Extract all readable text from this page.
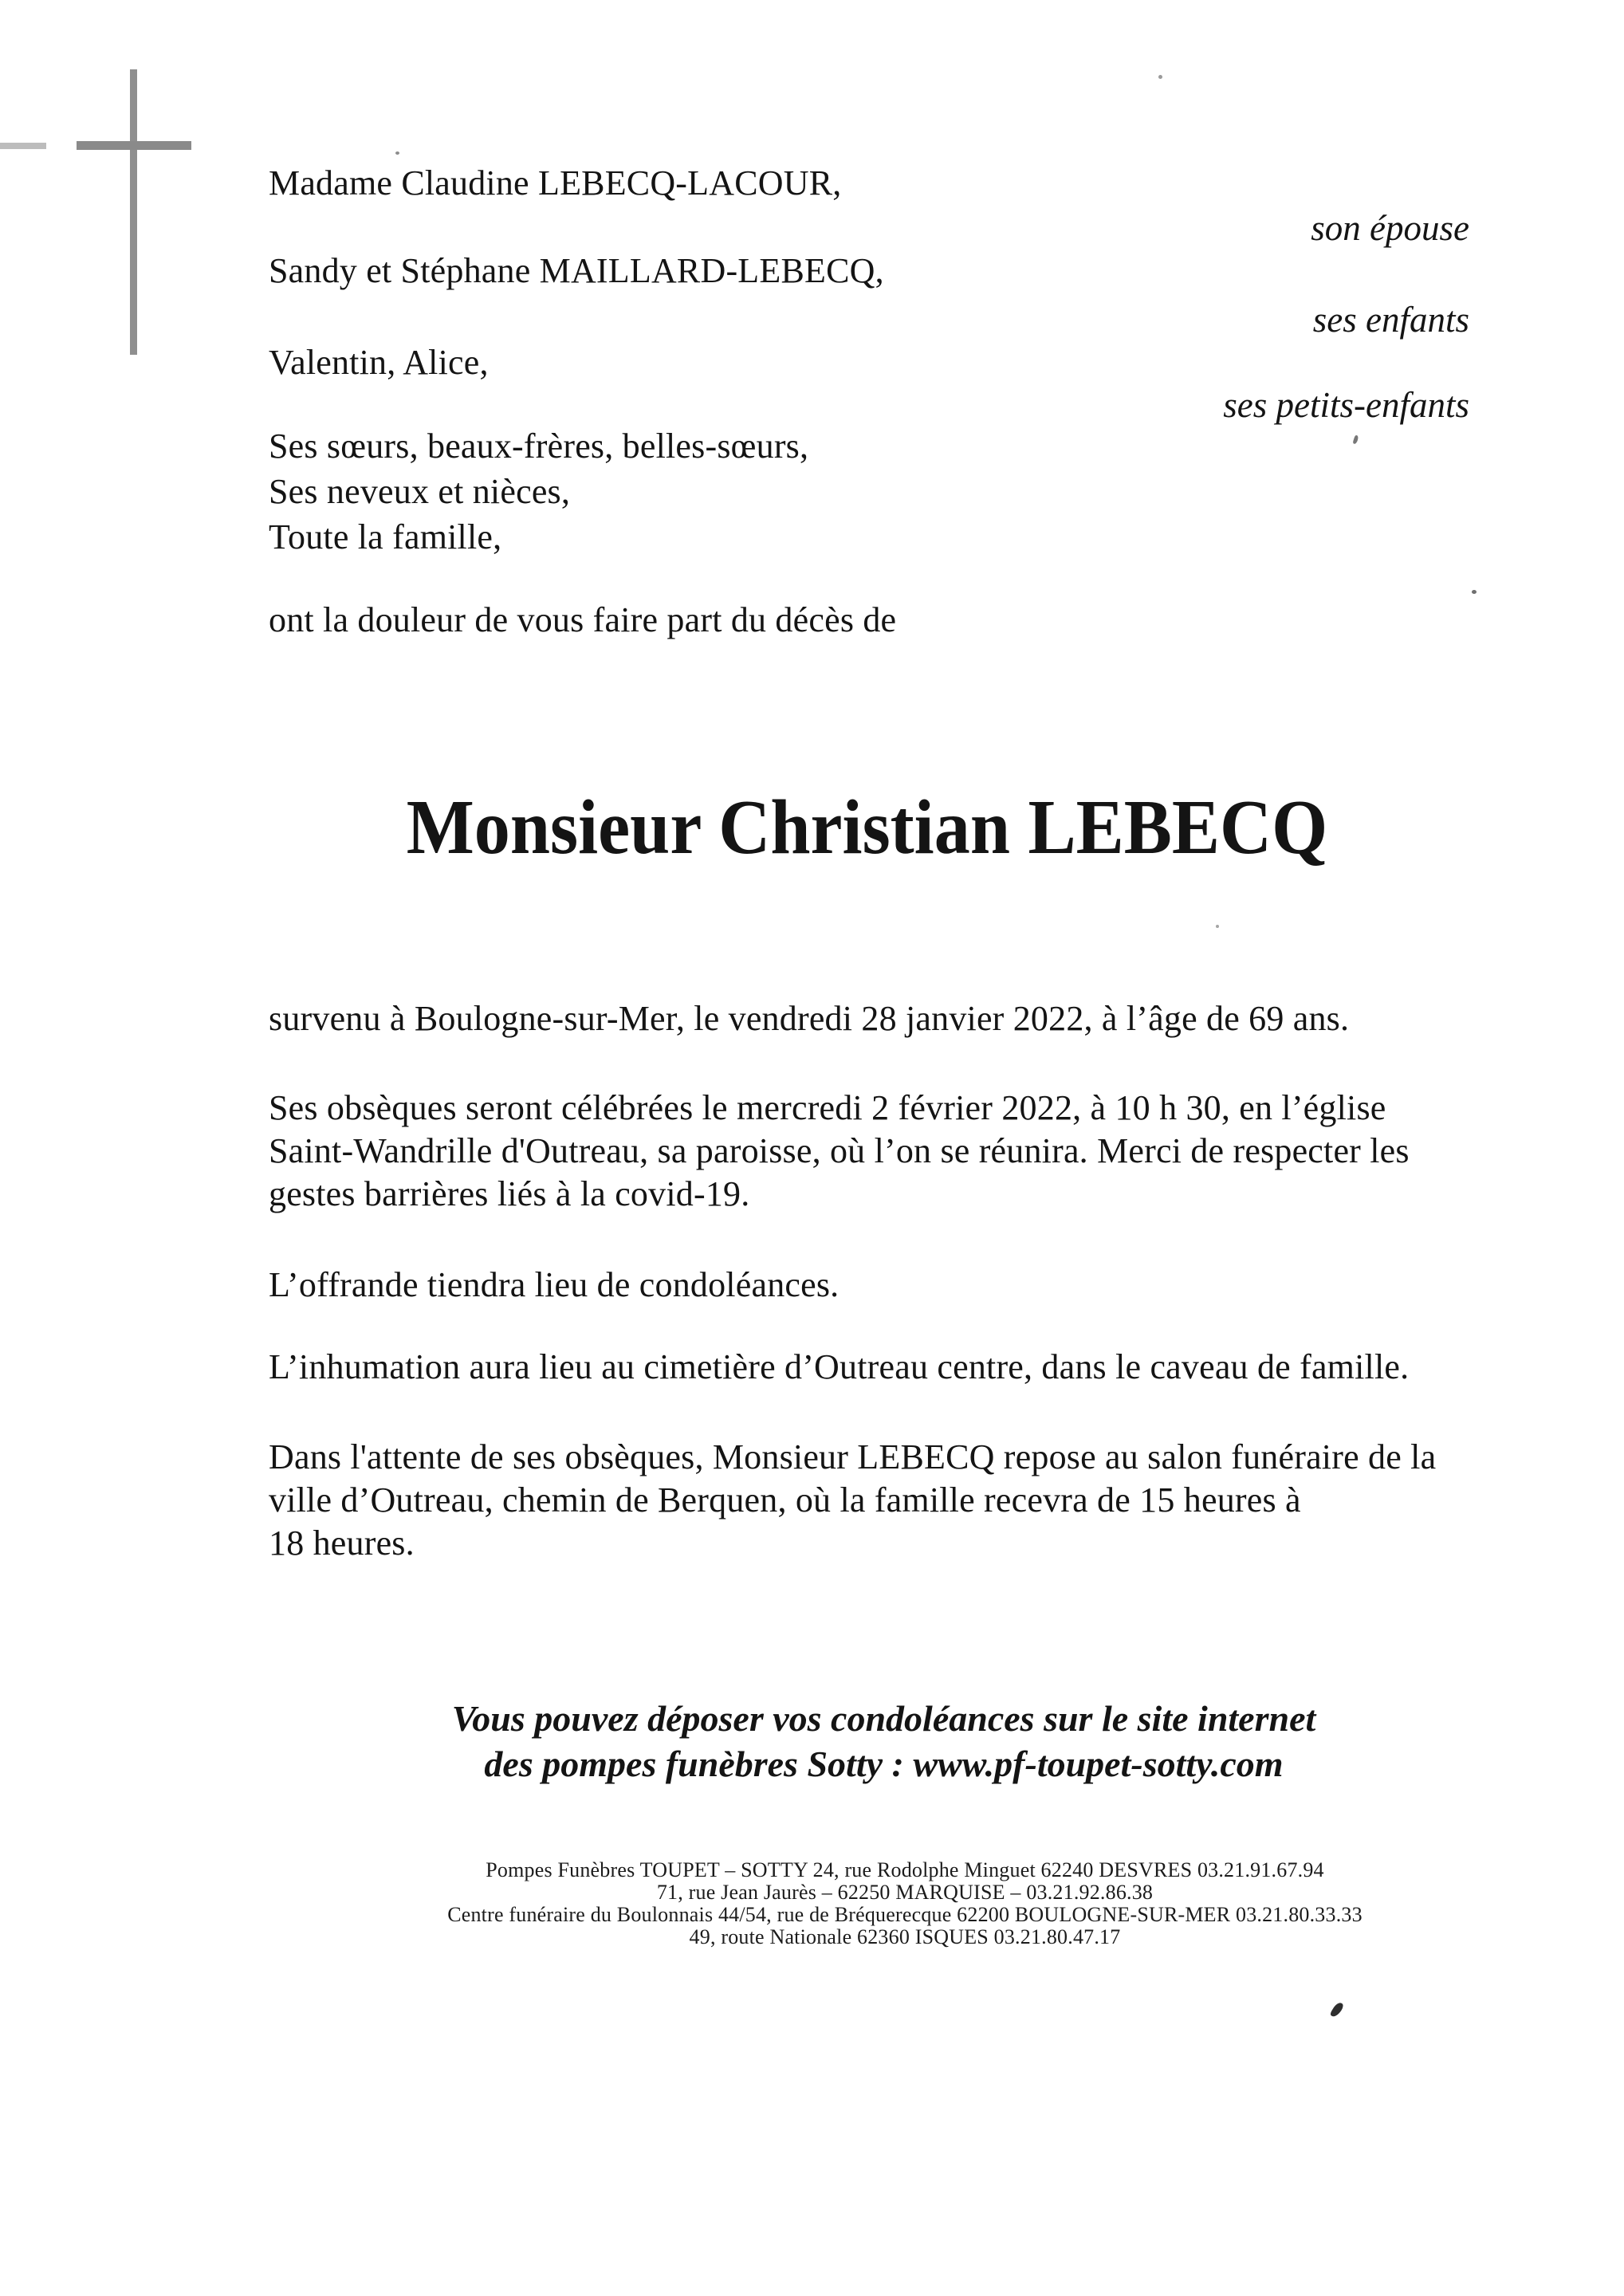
Madame Claudine LEBECQ-LACOUR,
son épouse
Sandy et Stéphane MAILLARD-LEBECQ,
ses enfants
Valentin, Alice,
ses petits-enfants
Ses sœurs, beaux-frères, belles-sœurs,
Ses neveux et nièces,
Toute la famille,
ont la douleur de vous faire part du décès de
Monsieur Christian LEBECQ
survenu à Boulogne-sur-Mer, le vendredi 28 janvier 2022, à l’âge de 69 ans.
Ses obsèques seront célébrées le mercredi 2 février 2022, à 10 h 30, en l’église
Saint-Wandrille d'Outreau, sa paroisse, où l’on se réunira. Merci de respecter les
gestes barrières liés à la covid-19.
L’offrande tiendra lieu de condoléances.
L’inhumation aura lieu au cimetière d’Outreau centre, dans le caveau de famille.
Dans l'attente de ses obsèques, Monsieur LEBECQ repose au salon funéraire de la
ville d’Outreau, chemin de Berquen, où la famille recevra de 15 heures à
18 heures.
Vous pouvez déposer vos condoléances sur le site internet
des pompes funèbres Sotty : www.pf-toupet-sotty.com
Pompes Funèbres TOUPET – SOTTY 24, rue Rodolphe Minguet 62240 DESVRES 03.21.91.67.94
71, rue Jean Jaurès – 62250 MARQUISE – 03.21.92.86.38
Centre funéraire du Boulonnais 44/54, rue de Bréquerecque 62200 BOULOGNE-SUR-MER 03.21.80.33.33
49, route Nationale 62360 ISQUES 03.21.80.47.17
